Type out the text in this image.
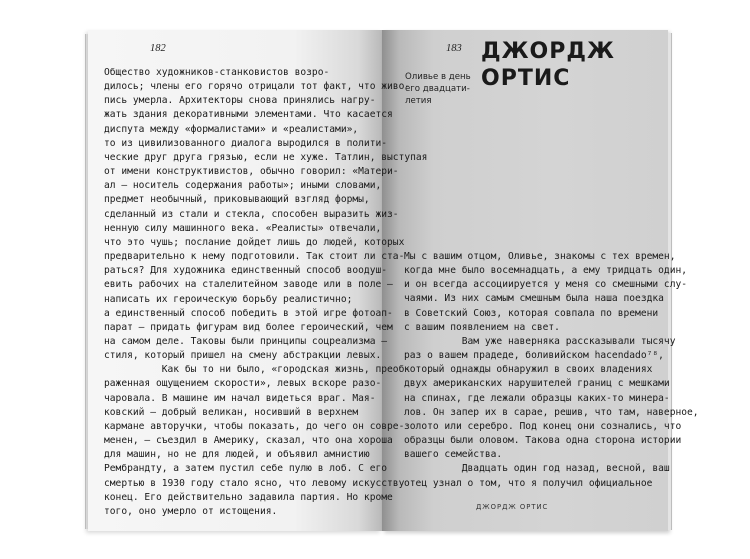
182
Общество художников-станковистов возро-
дилось; члены его горячо отрицали тот факт, что живо-
пись умерла. Архитекторы снова принялись нагру-
жать здания декоративными элементами. Что касается
диспута между «формалистами» и «реалистами»,
то из цивилизованного диалога выродился в полити-
ческие друг друга грязью, если не хуже. Татлин, выступая
от имени конструктивистов, обычно говорил: «Матери-
ал — носитель содержания работы»; иными словами,
предмет необычный, приковывающий взгляд формы,
сделанный из стали и стекла, способен выразить жиз-
ненную силу машинного века. «Реалисты» отвечали,
что это чушь; послание дойдет лишь до людей, которых
предварительно к нему подготовили. Так стоит ли ста-
раться? Для художника единственный способ воодуш-
евить рабочих на сталелитейном заводе или в поле —
написать их героическую борьбу реалистично;
а единственный способ победить в этой игре фотоап-
парат — придать фигурам вид более героический, чем
на самом деле. Таковы были принципы соцреализма —
стиля, который пришел на смену абстракции левых.
Как бы то ни было, «городская жизнь, преоб-
раженная ощущением скорости», левых вскоре разо-
чаровала. В машине им начал видеться враг. Мая-
ковский — добрый великан, носивший в верхнем
кармане авторучки, чтобы показать, до чего он совре-
менен, — съездил в Америку, сказал, что она хороша
для машин, но не для людей, и объявил амнистию
Рембрандту, а затем пустил себе пулю в лоб. С его
смертью в 1930 году стало ясно, что левому искусству
конец. Его действительно задавила партия. Но кроме
того, оно умерло от истощения.
183 ДЖОРДЖ
ОРТИС
Оливье в день
его двадцати-
летия
Мы с вашим отцом, Оливье, знакомы с тех времен,
когда мне было восемнадцать, а ему тридцать один,
и он всегда ассоциируется у меня со смешными слу-
чаями. Из них самым смешным была наша поездка
в Советский Союз, которая совпала по времени
с вашим появлением на свет.
Вам уже наверняка рассказывали тысячу
раз о вашем прадеде, боливийском hacendado⁷⁸,
который однажды обнаружил в своих владениях
двух американских нарушителей границ с мешками
на спинах, где лежали образцы каких-то минера-
лов. Он запер их в сарае, решив, что там, наверное,
золото или серебро. Под конец они сознались, что
образцы были оловом. Такова одна сторона истории
вашего семейства.
Двадцать один год назад, весной, ваш
отец узнал о том, что я получил официальное
ДЖОРДЖ ОРТИС
